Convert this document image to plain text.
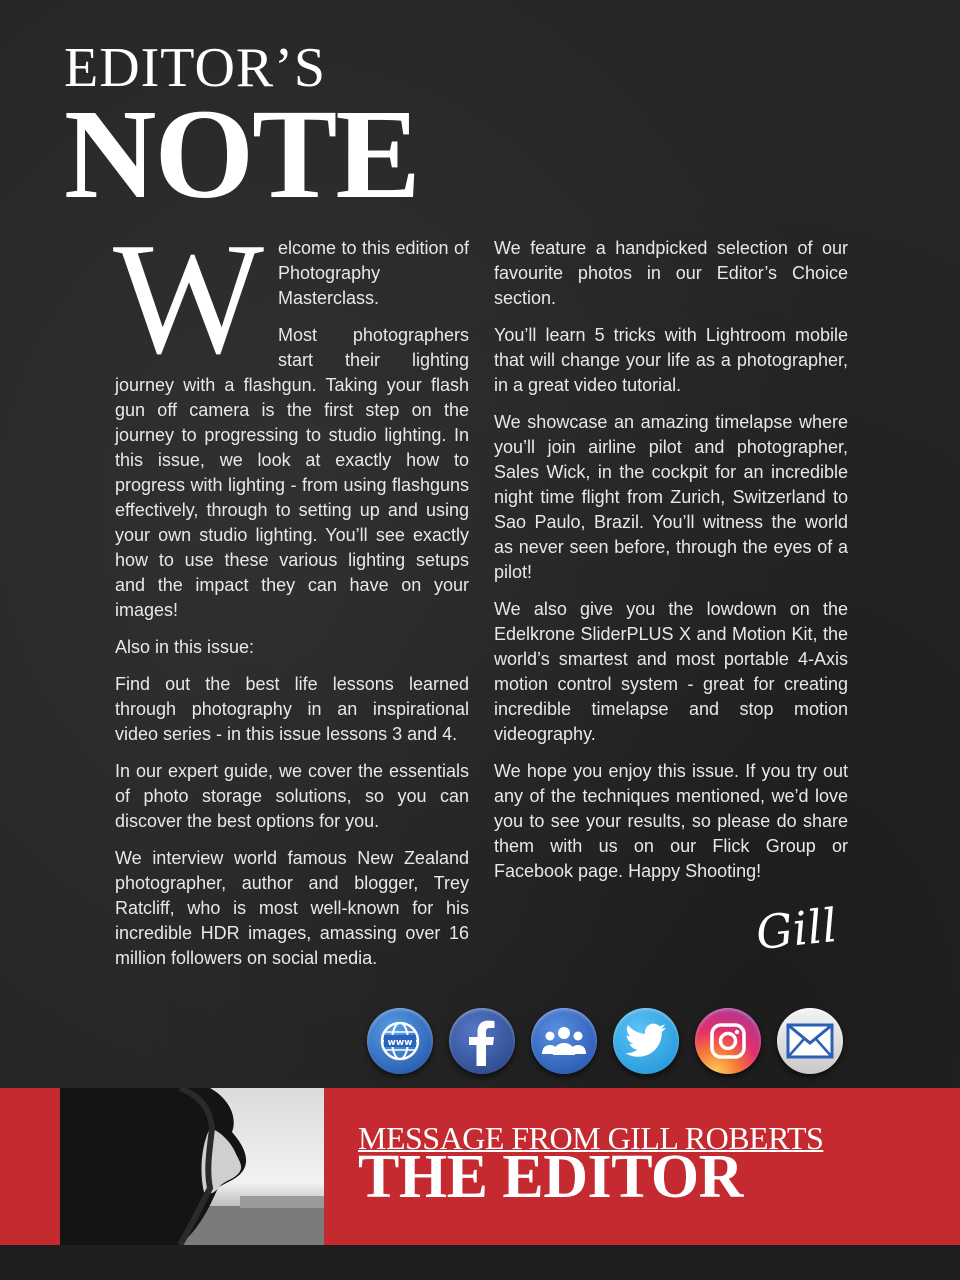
EDITOR’S
NOTE

Welcome to this edition of Photography Masterclass.

Most photographers start their lighting journey with a flashgun. Taking your flash gun off camera is the first step on the journey to progressing to studio lighting. In this issue, we look at exactly how to progress with lighting - from using flashguns effectively, through to setting up and using your own studio lighting. You’ll see exactly how to use these various lighting setups and the impact they can have on your images!

Also in this issue:

Find out the best life lessons learned through photography in an inspirational video series - in this issue lessons 3 and 4.

In our expert guide, we cover the essentials of photo storage solutions, so you can discover the best options for you.

We interview world famous New Zealand photographer, author and blogger, Trey Ratcliff, who is most well-known for his incredible HDR images, amassing over 16 million followers on social media.

We feature a handpicked selection of our favourite photos in our Editor’s Choice section.

You’ll learn 5 tricks with Lightroom mobile that will change your life as a photographer, in a great video tutorial.

We showcase an amazing timelapse where you’ll join airline pilot and photographer, Sales Wick, in the cockpit for an incredible night time flight from Zurich, Switzerland to Sao Paulo, Brazil. You’ll witness the world as never seen before, through the eyes of a pilot!

We also give you the lowdown on the Edelkrone SliderPLUS X and Motion Kit, the world’s smartest and most portable 4-Axis motion control system - great for creating incredible timelapse and stop motion videography.

We hope you enjoy this issue. If you try out any of the techniques mentioned, we’d love you to see your results, so please do share them with us on our Flick Group or Facebook page. Happy Shooting!

Gill
www
MESSAGE FROM GILL ROBERTS
THE EDITOR
